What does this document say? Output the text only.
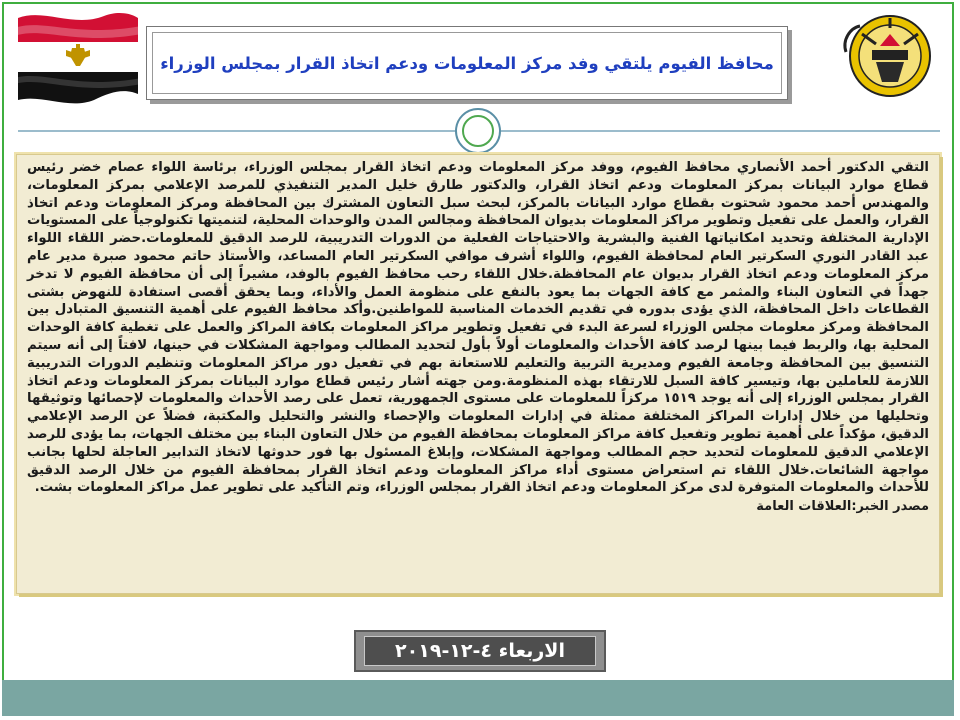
محافظ الفيوم يلتقي وفد مركز المعلومات ودعم اتخاذ القرار بمجلس الوزراء

التقي الدكتور أحمد الأنصاري محافظ الفيوم، ووفد مركز المعلومات ودعم اتخاذ القرار بمجلس الوزراء، برئاسة اللواء عصام خضر رئيس قطاع موارد البيانات بمركز المعلومات ودعم اتخاذ القرار، والدكتور طارق خليل المدير التنفيذي للمرصد الإعلامي بمركز المعلومات، والمهندس أحمد محمود شحتوت بقطاع موارد البيانات بالمركز، لبحث سبل التعاون المشترك بين المحافظة ومركز المعلومات ودعم اتخاذ القرار، والعمل على تفعيل وتطوير مراكز المعلومات بديوان المحافظة ومجالس المدن والوحدات المحلية، لتنميتها تكنولوجياً على المستويات الإدارية المختلفة وتحديد امكانياتها الفنية والبشرية والاحتياجات الفعلية من الدورات التدريبية، للرصد الدقيق للمعلومات.حضر اللقاء اللواء عبد القادر النوري السكرتير العام لمحافظة الفيوم، واللواء أشرف موافي السكرتير العام المساعد، والأستاذ حاتم محمود صبرة مدير عام مركز المعلومات ودعم اتخاذ القرار بديوان عام المحافظة.خلال اللقاء رحب محافظ الفيوم بالوفد، مشيراً إلى أن محافظة الفيوم لا تدخر جهداً في التعاون البناء والمثمر مع كافة الجهات بما يعود بالنفع على منظومة العمل والأداء، وبما يحقق أقصى استفادة للنهوض بشتى القطاعات داخل المحافظة، الذي يؤدى بدوره في تقديم الخدمات المناسبة للمواطنين.وأكد محافظ الفيوم على أهمية التنسيق المتبادل بين المحافظة ومركز معلومات مجلس الوزراء لسرعة البدء في تفعيل وتطوير مراكز المعلومات بكافة المراكز والعمل على تغطية كافة الوحدات المحلية بها، والربط فيما بينها لرصد كافة الأحداث والمعلومات أولاً بأول لتحديد المطالب ومواجهة المشكلات في حينها، لافتاً إلى أنه سيتم التنسيق بين المحافظة وجامعة الفيوم ومديرية التربية والتعليم للاستعانة بهم في تفعيل دور مراكز المعلومات وتنظيم الدورات التدريبية اللازمة للعاملين بها، وتيسير كافة السبل للارتقاء بهذه المنظومة.ومن جهته أشار رئيس قطاع موارد البيانات بمركز المعلومات ودعم اتخاذ القرار بمجلس الوزراء إلى أنه يوجد ١٥١٩ مركزاً للمعلومات على مستوى الجمهورية، تعمل على رصد الأحداث والمعلومات لإحصائها وتوثيقها وتحليلها من خلال إدارات المراكز المختلفة ممثلة في إدارات المعلومات والإحصاء والنشر والتحليل والمكتبة، فضلاً عن الرصد الإعلامي الدقيق، مؤكداً على أهمية تطوير وتفعيل كافة مراكز المعلومات بمحافظة الفيوم من خلال التعاون البناء بين مختلف الجهات، بما يؤدى للرصد الإعلامي الدقيق للمعلومات لتحديد حجم المطالب ومواجهة المشكلات، وإبلاغ المسئول بها فور حدوثها لاتخاذ التدابير العاجلة لحلها بجانب مواجهة الشائعات.خلال اللقاء تم استعراض مستوى أداء مراكز المعلومات ودعم اتخاذ القرار بمحافظة الفيوم من خلال الرصد الدقيق للأحداث والمعلومات المتوفرة لدى مركز المعلومات ودعم اتخاذ القرار بمجلس الوزراء، وتم التأكيد على تطوير عمل مراكز المعلومات بشت.

مصدر الخبر:العلاقات العامة

الاربعاء ٤-١٢-٢٠١٩
